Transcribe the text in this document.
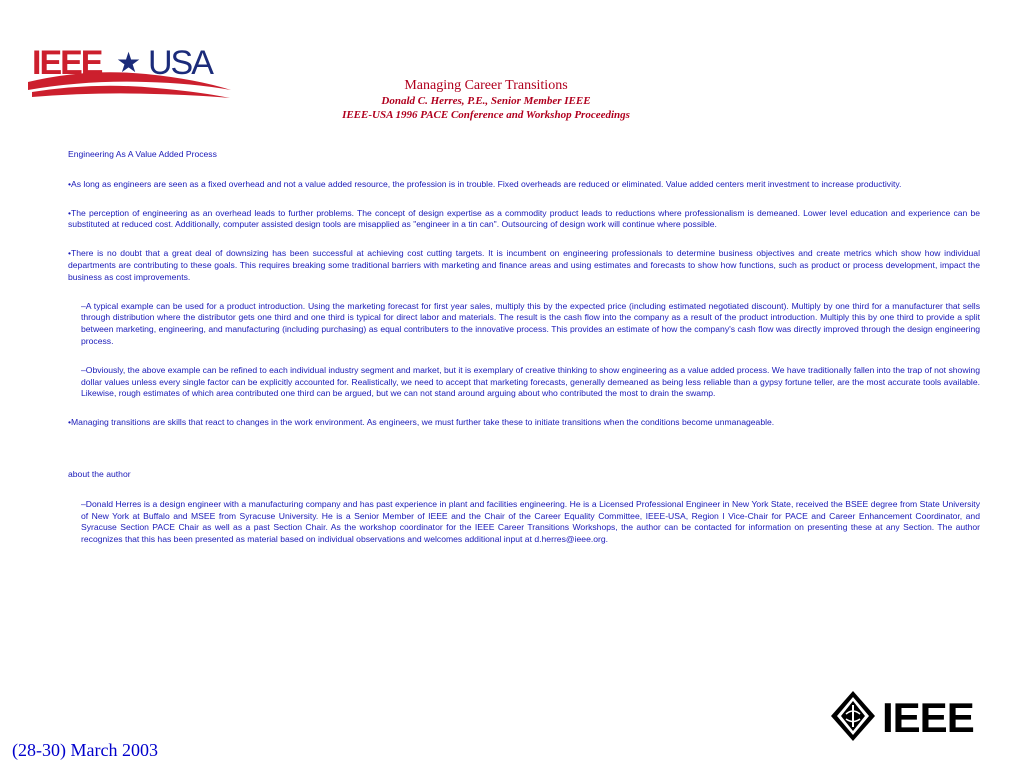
IEEE ★ USA
Managing Career Transitions
Donald C. Herres, P.E., Senior Member IEEE
IEEE-USA 1996 PACE Conference and Workshop Proceedings

Engineering As A Value Added Process

•As long as engineers are seen as a fixed overhead and not a value added resource, the profession is in trouble. Fixed overheads are reduced or eliminated. Value added centers merit investment to increase productivity.

•The perception of engineering as an overhead leads to further problems. The concept of design expertise as a commodity product leads to reductions where professionalism is demeaned. Lower level education and experience can be substituted at reduced cost. Additionally, computer assisted design tools are misapplied as "engineer in a tin can". Outsourcing of design work will continue where possible.

•There is no doubt that a great deal of downsizing has been successful at achieving cost cutting targets. It is incumbent on engineering professionals to determine business objectives and create metrics which show how individual departments are contributing to these goals. This requires breaking some traditional barriers with marketing and finance areas and using estimates and forecasts to show how functions, such as product or process development, impact the business as cost improvements.

–A typical example can be used for a product introduction. Using the marketing forecast for first year sales, multiply this by the expected price (including estimated negotiated discount). Multiply by one third for a manufacturer that sells through distribution where the distributor gets one third and one third is typical for direct labor and materials. The result is the cash flow into the company as a result of the product introduction. Multiply this by one third to provide a split between marketing, engineering, and manufacturing (including purchasing) as equal contributers to the innovative process. This provides an estimate of how the company's cash flow was directly improved through the design engineering process.

–Obviously, the above example can be refined to each individual industry segment and market, but it is exemplary of creative thinking to show engineering as a value added process. We have traditionally fallen into the trap of not showing dollar values unless every single factor can be explicitly accounted for. Realistically, we need to accept that marketing forecasts, generally demeaned as being less reliable than a gypsy fortune teller, are the most accurate tools available. Likewise, rough estimates of which area contributed one third can be argued, but we can not stand around arguing about who contributed the most to drain the swamp.

•Managing transitions are skills that react to changes in the work environment. As engineers, we must further take these to initiate transitions when the conditions become unmanageable.

about the author

–Donald Herres is a design engineer with a manufacturing company and has past experience in plant and facilities engineering. He is a Licensed Professional Engineer in New York State, received the BSEE degree from State University of New York at Buffalo and MSEE from Syracuse University. He is a Senior Member of IEEE and the Chair of the Career Equality Committee, IEEE-USA, Region I Vice-Chair for PACE and Career Enhancement Coordinator, and Syracuse Section PACE Chair as well as a past Section Chair. As the workshop coordinator for the IEEE Career Transitions Workshops, the author can be contacted for information on presenting these at any Section. The author recognizes that this has been presented as material based on individual observations and welcomes additional input at d.herres@ieee.org.

(28-30) March 2003
IEEE
